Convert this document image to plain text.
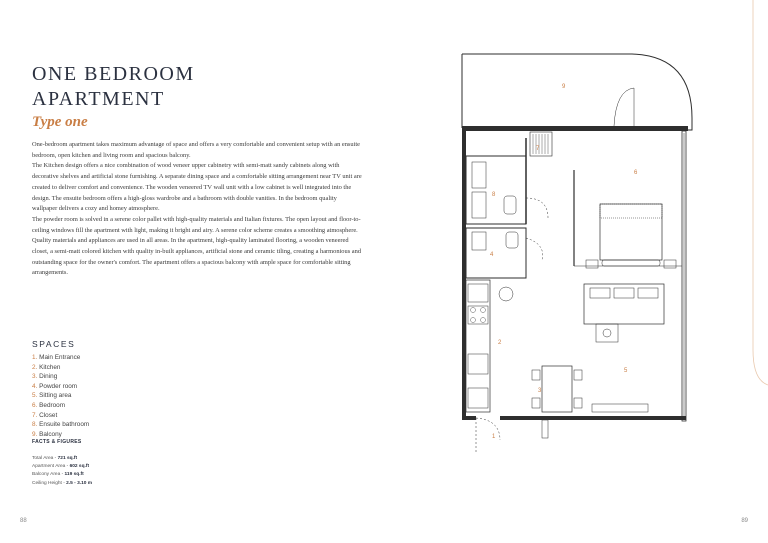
ONE BEDROOM
APARTMENT
Type one

One-bedroom apartment takes maximum advantage of space and offers a very comfortable and convenient setup with an ensuite bedroom, open kitchen and living room and spacious balcony.

The Kitchen design offers a nice combination of wood veneer upper cabinetry with semi-matt sandy cabinets along with decorative shelves and artificial stone furnishing. A separate dining space and a comfortable sitting arrangement near TV unit are created to deliver comfort and convenience. The wooden veneered TV wall unit with a low cabinet is well integrated into the design. The ensuite bedroom offers a high-gloss wardrobe and a bathroom with double vanities. In the bedroom quality wallpaper delivers a cozy and homey atmosphere.

The powder room is solved in a serene color pallet with high-quality materials and Italian fixtures. The open layout and floor-to-ceiling windows fill the apartment with light, making it bright and airy. A serene color scheme creates a smoothing atmosphere. Quality materials and appliances are used in all areas. In the apartment, high-quality laminated flooring, a wooden veneered closet, a semi-matt colored kitchen with quality in-built appliances, artificial stone and ceramic tiling, creating a harmonious and outstanding space for the owner's comfort. The apartment offers a spacious balcony with ample space for comfortable sitting arrangements.

SPACES
1. Main Entrance
2. Kitchen
3. Dining
4. Powder room
5. Sitting area
6. Bedroom
7. Closet
8. Ensuite bathroom
9. Balcony
FACTS & FIGURES
Total Area - 721 sq.ft
Apartment Area - 602 sq.ft
Balcony Area - 119 sq.ft
Ceiling Height - 2.5 - 3.10 m
88	89
9
7
6
8
4
2
5
3
1
